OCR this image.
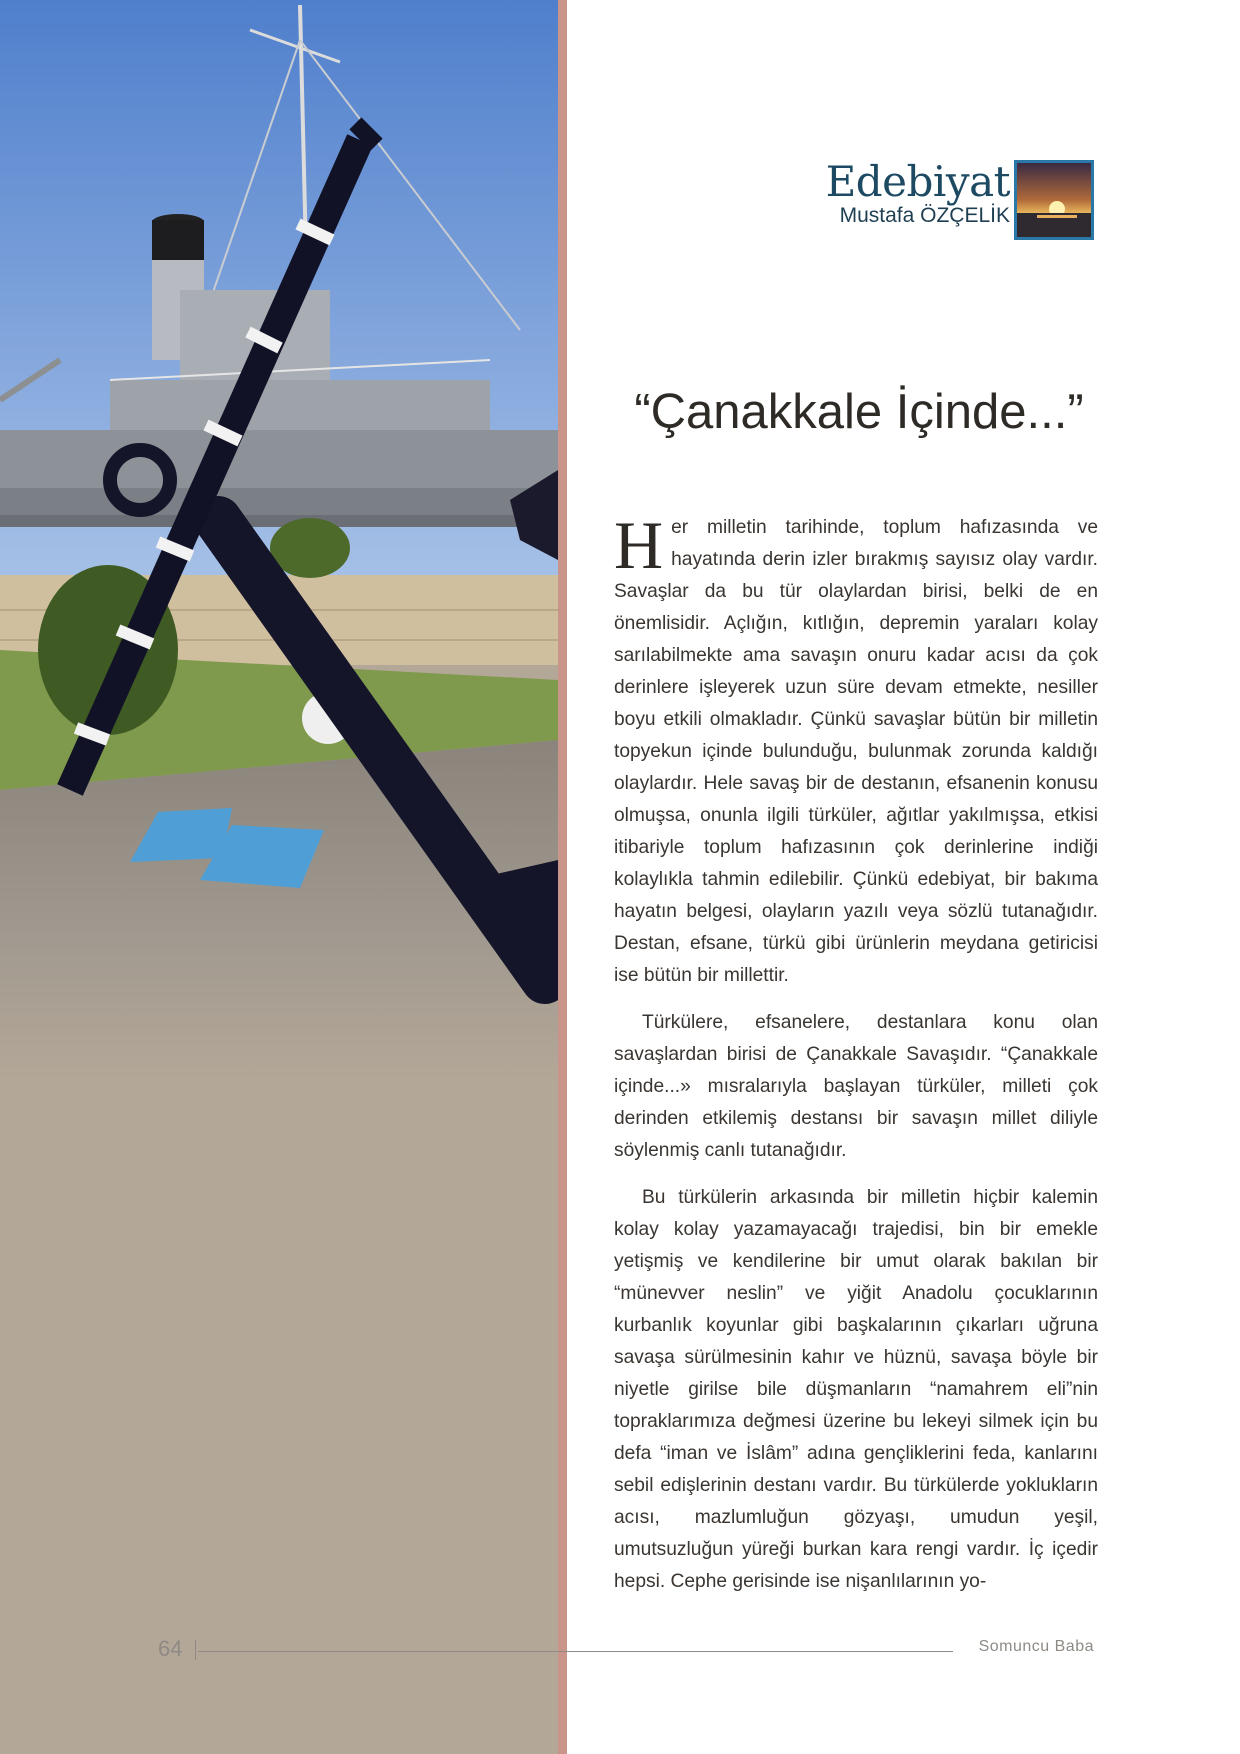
Edebiyat
Mustafa ÖZÇELİK
“Çanakkale İçinde...”

Her milletin tarihinde, toplum hafızasında ve hayatında derin izler bırakmış sayısız olay vardır. Savaşlar da bu tür olaylardan birisi, belki de en önemlisidir. Açlığın, kıtlığın, depremin yaraları kolay sarılabilmekte ama savaşın onuru kadar acısı da çok derinlere işleyerek uzun süre devam etmekte, nesiller boyu etkili olmakladır. Çünkü savaşlar bütün bir milletin topyekun içinde bulunduğu, bulunmak zorunda kaldığı olaylardır. Hele savaş bir de destanın, efsanenin konusu olmuşsa, onunla ilgili türküler, ağıtlar yakılmışsa, etkisi itibariyle toplum hafızasının çok derinlerine indiği kolaylıkla tahmin edilebilir. Çünkü edebiyat, bir bakıma hayatın belgesi, olayların yazılı veya sözlü tutanağıdır. Destan, efsane, türkü gibi ürünlerin meydana getiricisi ise bütün bir millettir.

Türkülere, efsanelere, destanlara konu olan savaşlardan birisi de Çanakkale Savaşıdır. “Çanakkale içinde...» mısralarıyla başlayan türküler, milleti çok derinden etkilemiş destansı bir savaşın millet diliyle söylenmiş canlı tutanağıdır.

Bu türkülerin arkasında bir milletin hiçbir kalemin kolay kolay yazamayacağı trajedisi, bin bir emekle yetişmiş ve kendilerine bir umut olarak bakılan bir “münevver neslin” ve yiğit Anadolu çocuklarının kurbanlık koyunlar gibi başkalarının çıkarları uğruna savaşa sürülmesinin kahır ve hüznü, savaşa böyle bir niyetle girilse bile düşmanların “namahrem eli”nin topraklarımıza değmesi üzerine bu lekeyi silmek için bu defa “iman ve İslâm” adına gençliklerini feda, kanlarını sebil edişlerinin destanı vardır. Bu türkülerde yoklukların acısı, mazlumluğun gözyaşı, umudun yeşil, umutsuzluğun yüreği burkan kara rengi vardır. İç içedir hepsi. Cephe gerisinde ise nişanlılarının yo-

64	Somuncu Baba
